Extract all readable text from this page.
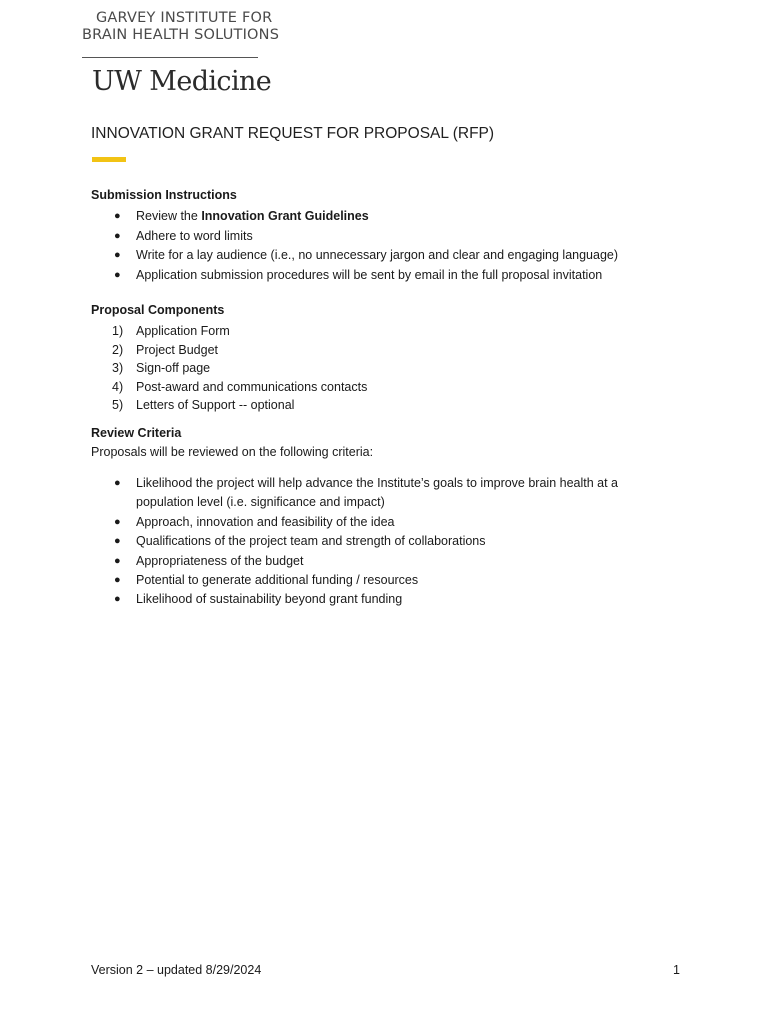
GARVEY INSTITUTE FOR
BRAIN HEALTH SOLUTIONS
UW Medicine
INNOVATION GRANT REQUEST FOR PROPOSAL (RFP)
Submission Instructions
● Review the Innovation Grant Guidelines
● Adhere to word limits
● Write for a lay audience (i.e., no unnecessary jargon and clear and engaging language)
● Application submission procedures will be sent by email in the full proposal invitation
Proposal Components
1) Application Form
2) Project Budget
3) Sign-off page
4) Post-award and communications contacts
5) Letters of Support -- optional
Review Criteria
Proposals will be reviewed on the following criteria:
● Likelihood the project will help advance the Institute’s goals to improve brain health at a population level (i.e. significance and impact)
● Approach, innovation and feasibility of the idea
● Qualifications of the project team and strength of collaborations
● Appropriateness of the budget
● Potential to generate additional funding / resources
● Likelihood of sustainability beyond grant funding
Version 2 – updated 8/29/2024	1
